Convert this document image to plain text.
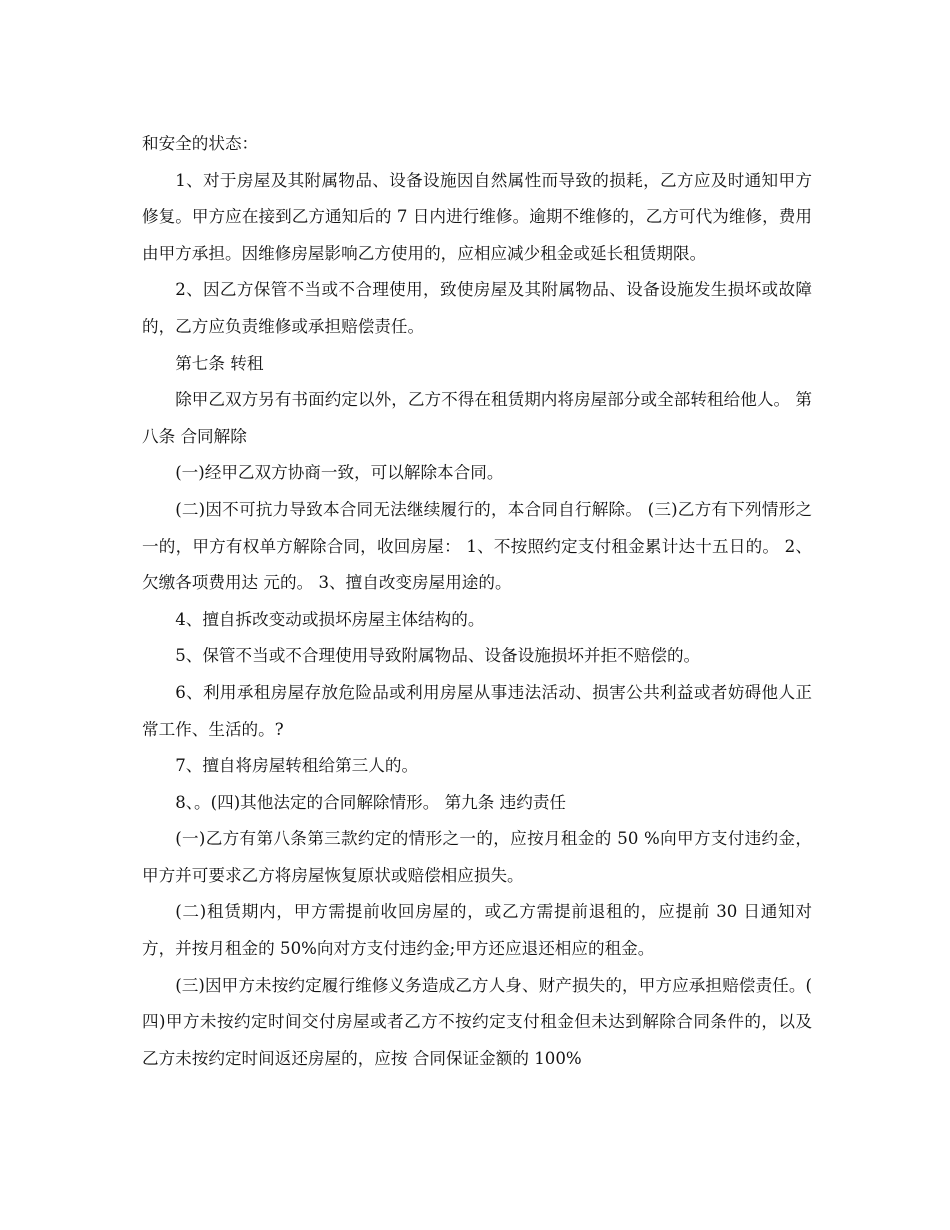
和安全的状态：

1、对于房屋及其附属物品、设备设施因自然属性而导致的损耗，乙方应及时通知甲方修复。甲方应在接到乙方通知后的 7 日内进行维修。逾期不维修的，乙方可代为维修，费用由甲方承担。因维修房屋影响乙方使用的，应相应减少租金或延长租赁期限。

2、因乙方保管不当或不合理使用，致使房屋及其附属物品、设备设施发生损坏或故障的，乙方应负责维修或承担赔偿责任。

第七条 转租

除甲乙双方另有书面约定以外，乙方不得在租赁期内将房屋部分或全部转租给他人。 第八条 合同解除

(一)经甲乙双方协商一致，可以解除本合同。

(二)因不可抗力导致本合同无法继续履行的，本合同自行解除。 (三)乙方有下列情形之一的，甲方有权单方解除合同，收回房屋： 1、不按照约定支付租金累计达十五日的。 2、欠缴各项费用达 元的。 3、擅自改变房屋用途的。

4、擅自拆改变动或损坏房屋主体结构的。

5、保管不当或不合理使用导致附属物品、设备设施损坏并拒不赔偿的。

6、利用承租房屋存放危险品或利用房屋从事违法活动、损害公共利益或者妨碍他人正常工作、生活的。?

7、擅自将房屋转租给第三人的。

8、。(四)其他法定的合同解除情形。 第九条 违约责任

(一)乙方有第八条第三款约定的情形之一的，应按月租金的 50 %向甲方支付违约金，甲方并可要求乙方将房屋恢复原状或赔偿相应损失。

(二)租赁期内，甲方需提前收回房屋的，或乙方需提前退租的，应提前 30 日通知对方，并按月租金的 50%向对方支付违约金;甲方还应退还相应的租金。

(三)因甲方未按约定履行维修义务造成乙方人身、财产损失的，甲方应承担赔偿责任。( 四)甲方未按约定时间交付房屋或者乙方不按约定支付租金但未达到解除合同条件的，以及乙方未按约定时间返还房屋的，应按 合同保证金额的 100%
